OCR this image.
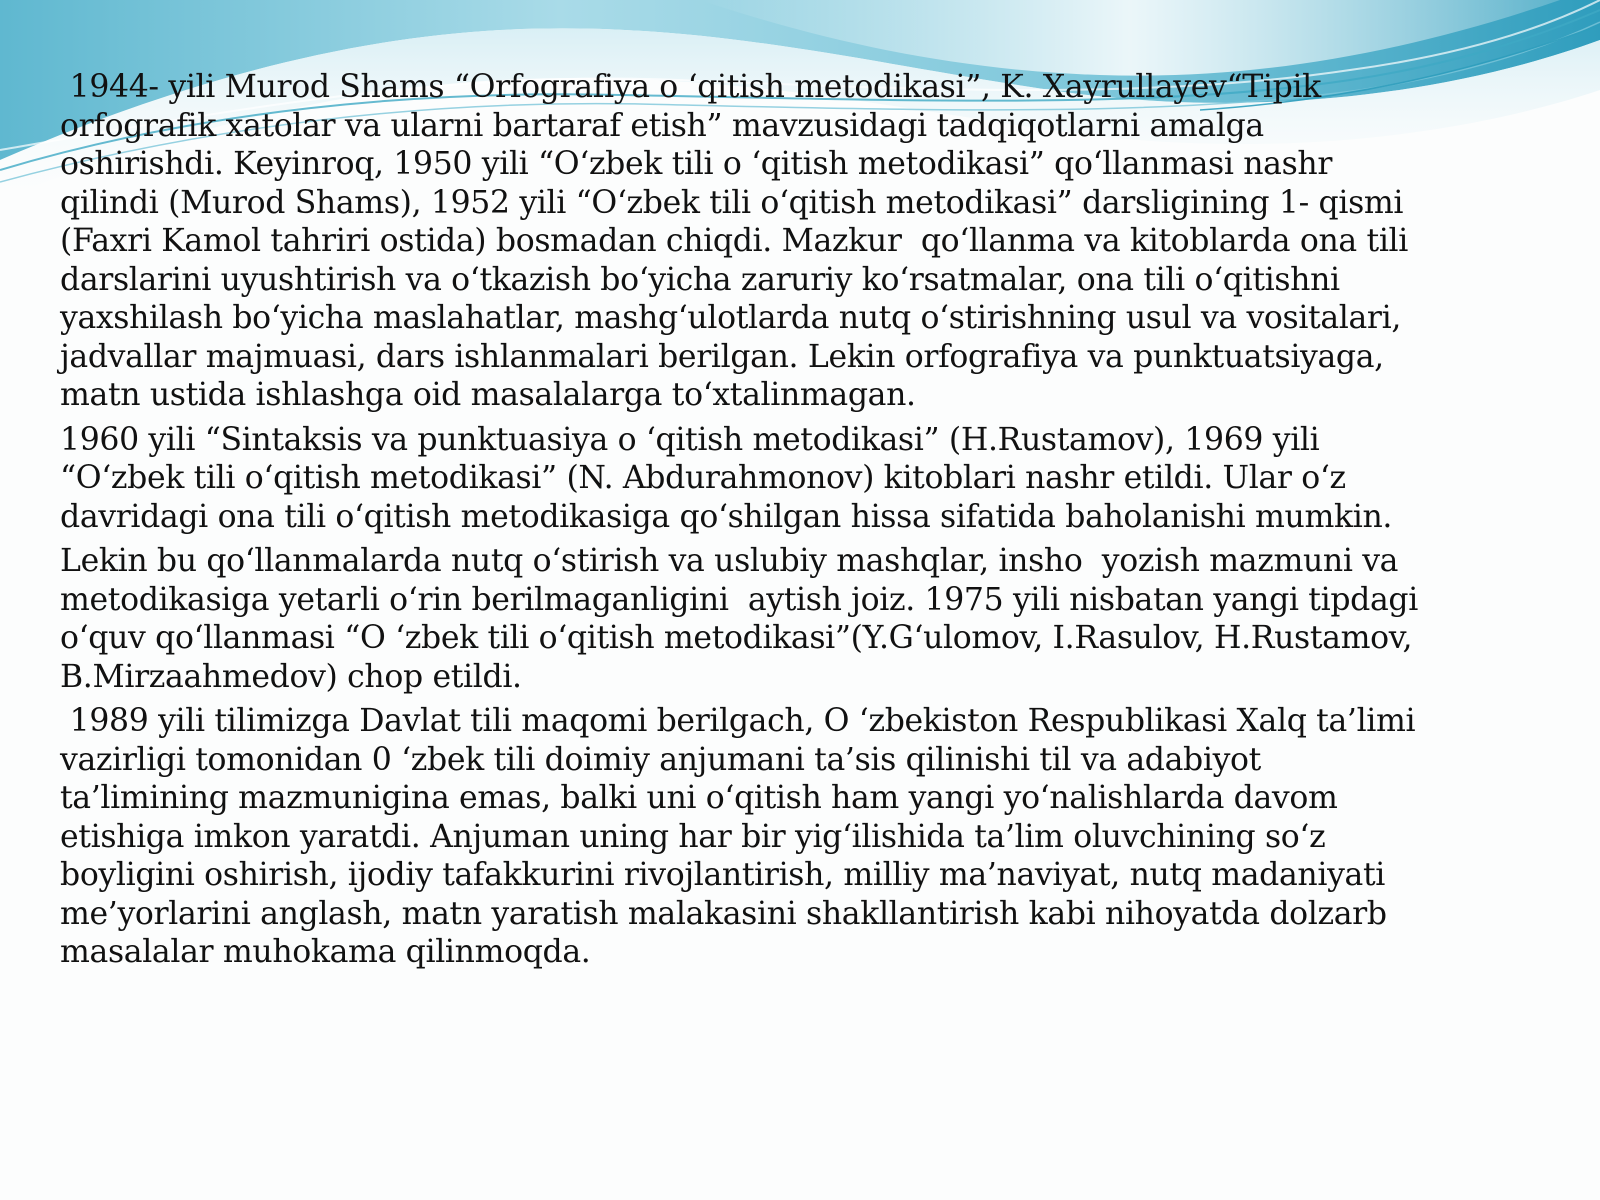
1944- yili Murod Shams “Orfografiya o ‘qitish metodikasi”, K. Xayrullayev“Tipik
orfografik xatolar va ularni bartaraf etish” mavzusidagi tadqiqotlarni amalga
oshirishdi. Keyinroq, 1950 yili “O‘zbek tili o ‘qitish metodikasi” qo‘llanmasi nashr
qilindi (Murod Shams), 1952 yili “O‘zbek tili o‘qitish metodikasi” darsligining 1- qismi
(Faxri Kamol tahriri ostida) bosmadan chiqdi. Mazkur  qo‘llanma va kitoblarda ona tili
darslarini uyushtirish va o‘tkazish bo‘yicha zaruriy ko‘rsatmalar, ona tili o‘qitishni
yaxshilash bo‘yicha maslahatlar, mashg‘ulotlarda nutq o‘stirishning usul va vositalari,
jadvallar majmuasi, dars ishlanmalari berilgan. Lekin orfografiya va punktuatsiyaga,
matn ustida ishlashga oid masalalarga to‘xtalinmagan.
1960 yili “Sintaksis va punktuasiya o ‘qitish metodikasi” (H.Rustamov), 1969 yili
“O‘zbek tili o‘qitish metodikasi” (N. Abdurahmonov) kitoblari nashr etildi. Ular o‘z
davridagi ona tili o‘qitish metodikasiga qo‘shilgan hissa sifatida baholanishi mumkin.
Lekin bu qo‘llanmalarda nutq o‘stirish va uslubiy mashqlar, insho  yozish mazmuni va
metodikasiga yetarli o‘rin berilmaganligini  aytish joiz. 1975 yili nisbatan yangi tipdagi
o‘quv qo‘llanmasi “O ‘zbek tili o‘qitish metodikasi”(Y.G‘ulomov, I.Rasulov, H.Rustamov,
B.Mirzaahmedov) chop etildi.
1989 yili tilimizga Davlat tili maqomi berilgach, O ‘zbekiston Respublikasi Xalq ta’limi
vazirligi tomonidan 0 ‘zbek tili doimiy anjumani ta’sis qilinishi til va adabiyot
ta’limining mazmunigina emas, balki uni o‘qitish ham yangi yo‘nalishlarda davom
etishiga imkon yaratdi. Anjuman uning har bir yig‘ilishida ta’lim oluvchining so‘z
boyligini oshirish, ijodiy tafakkurini rivojlantirish, milliy ma’naviyat, nutq madaniyati
me’yorlarini anglash, matn yaratish malakasini shakllantirish kabi nihoyatda dolzarb
masalalar muhokama qilinmoqda.
